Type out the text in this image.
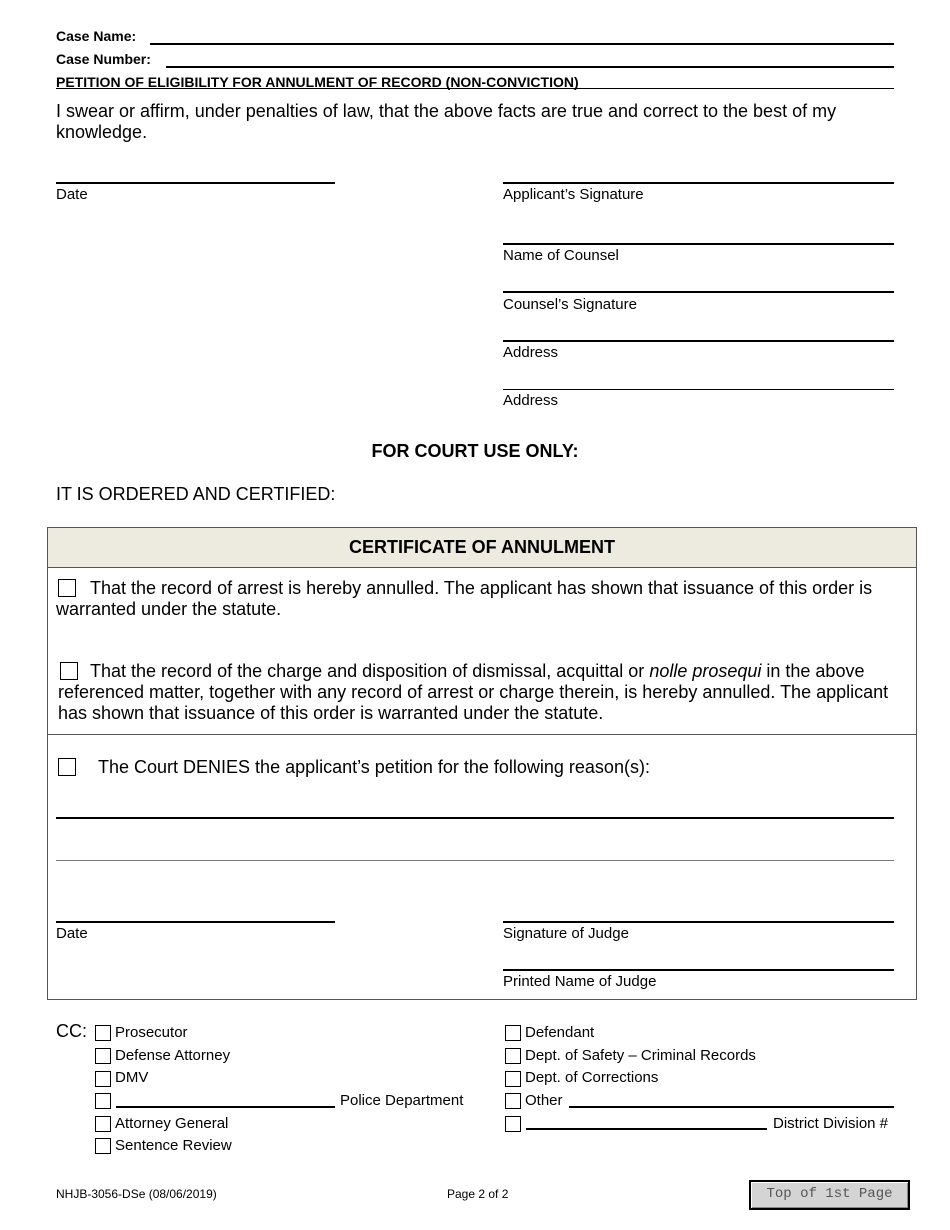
Case Name:
Case Number:
PETITION OF ELIGIBILITY FOR ANNULMENT OF RECORD (NON-CONVICTION)
I swear or affirm, under penalties of law, that the above facts are true and correct to the best of my knowledge.
Date	Applicant’s Signature
Name of Counsel
Counsel’s Signature
Address
Address
FOR COURT USE ONLY:
IT IS ORDERED AND CERTIFIED:
CERTIFICATE OF ANNULMENT
That the record of arrest is hereby annulled. The applicant has shown that issuance of this order is warranted under the statute.
That the record of the charge and disposition of dismissal, acquittal or nolle prosequi in the above referenced matter, together with any record of arrest or charge therein, is hereby annulled. The applicant has shown that issuance of this order is warranted under the statute.
The Court DENIES the applicant’s petition for the following reason(s):
Date	Signature of Judge
Printed Name of Judge
CC: Prosecutor
Defense Attorney
DMV
Police Department
Attorney General
Sentence Review
Defendant
Dept. of Safety – Criminal Records
Dept. of Corrections
Other
District Division #
NHJB-3056-DSe (08/06/2019)	Page 2 of 2	Top of 1st Page
